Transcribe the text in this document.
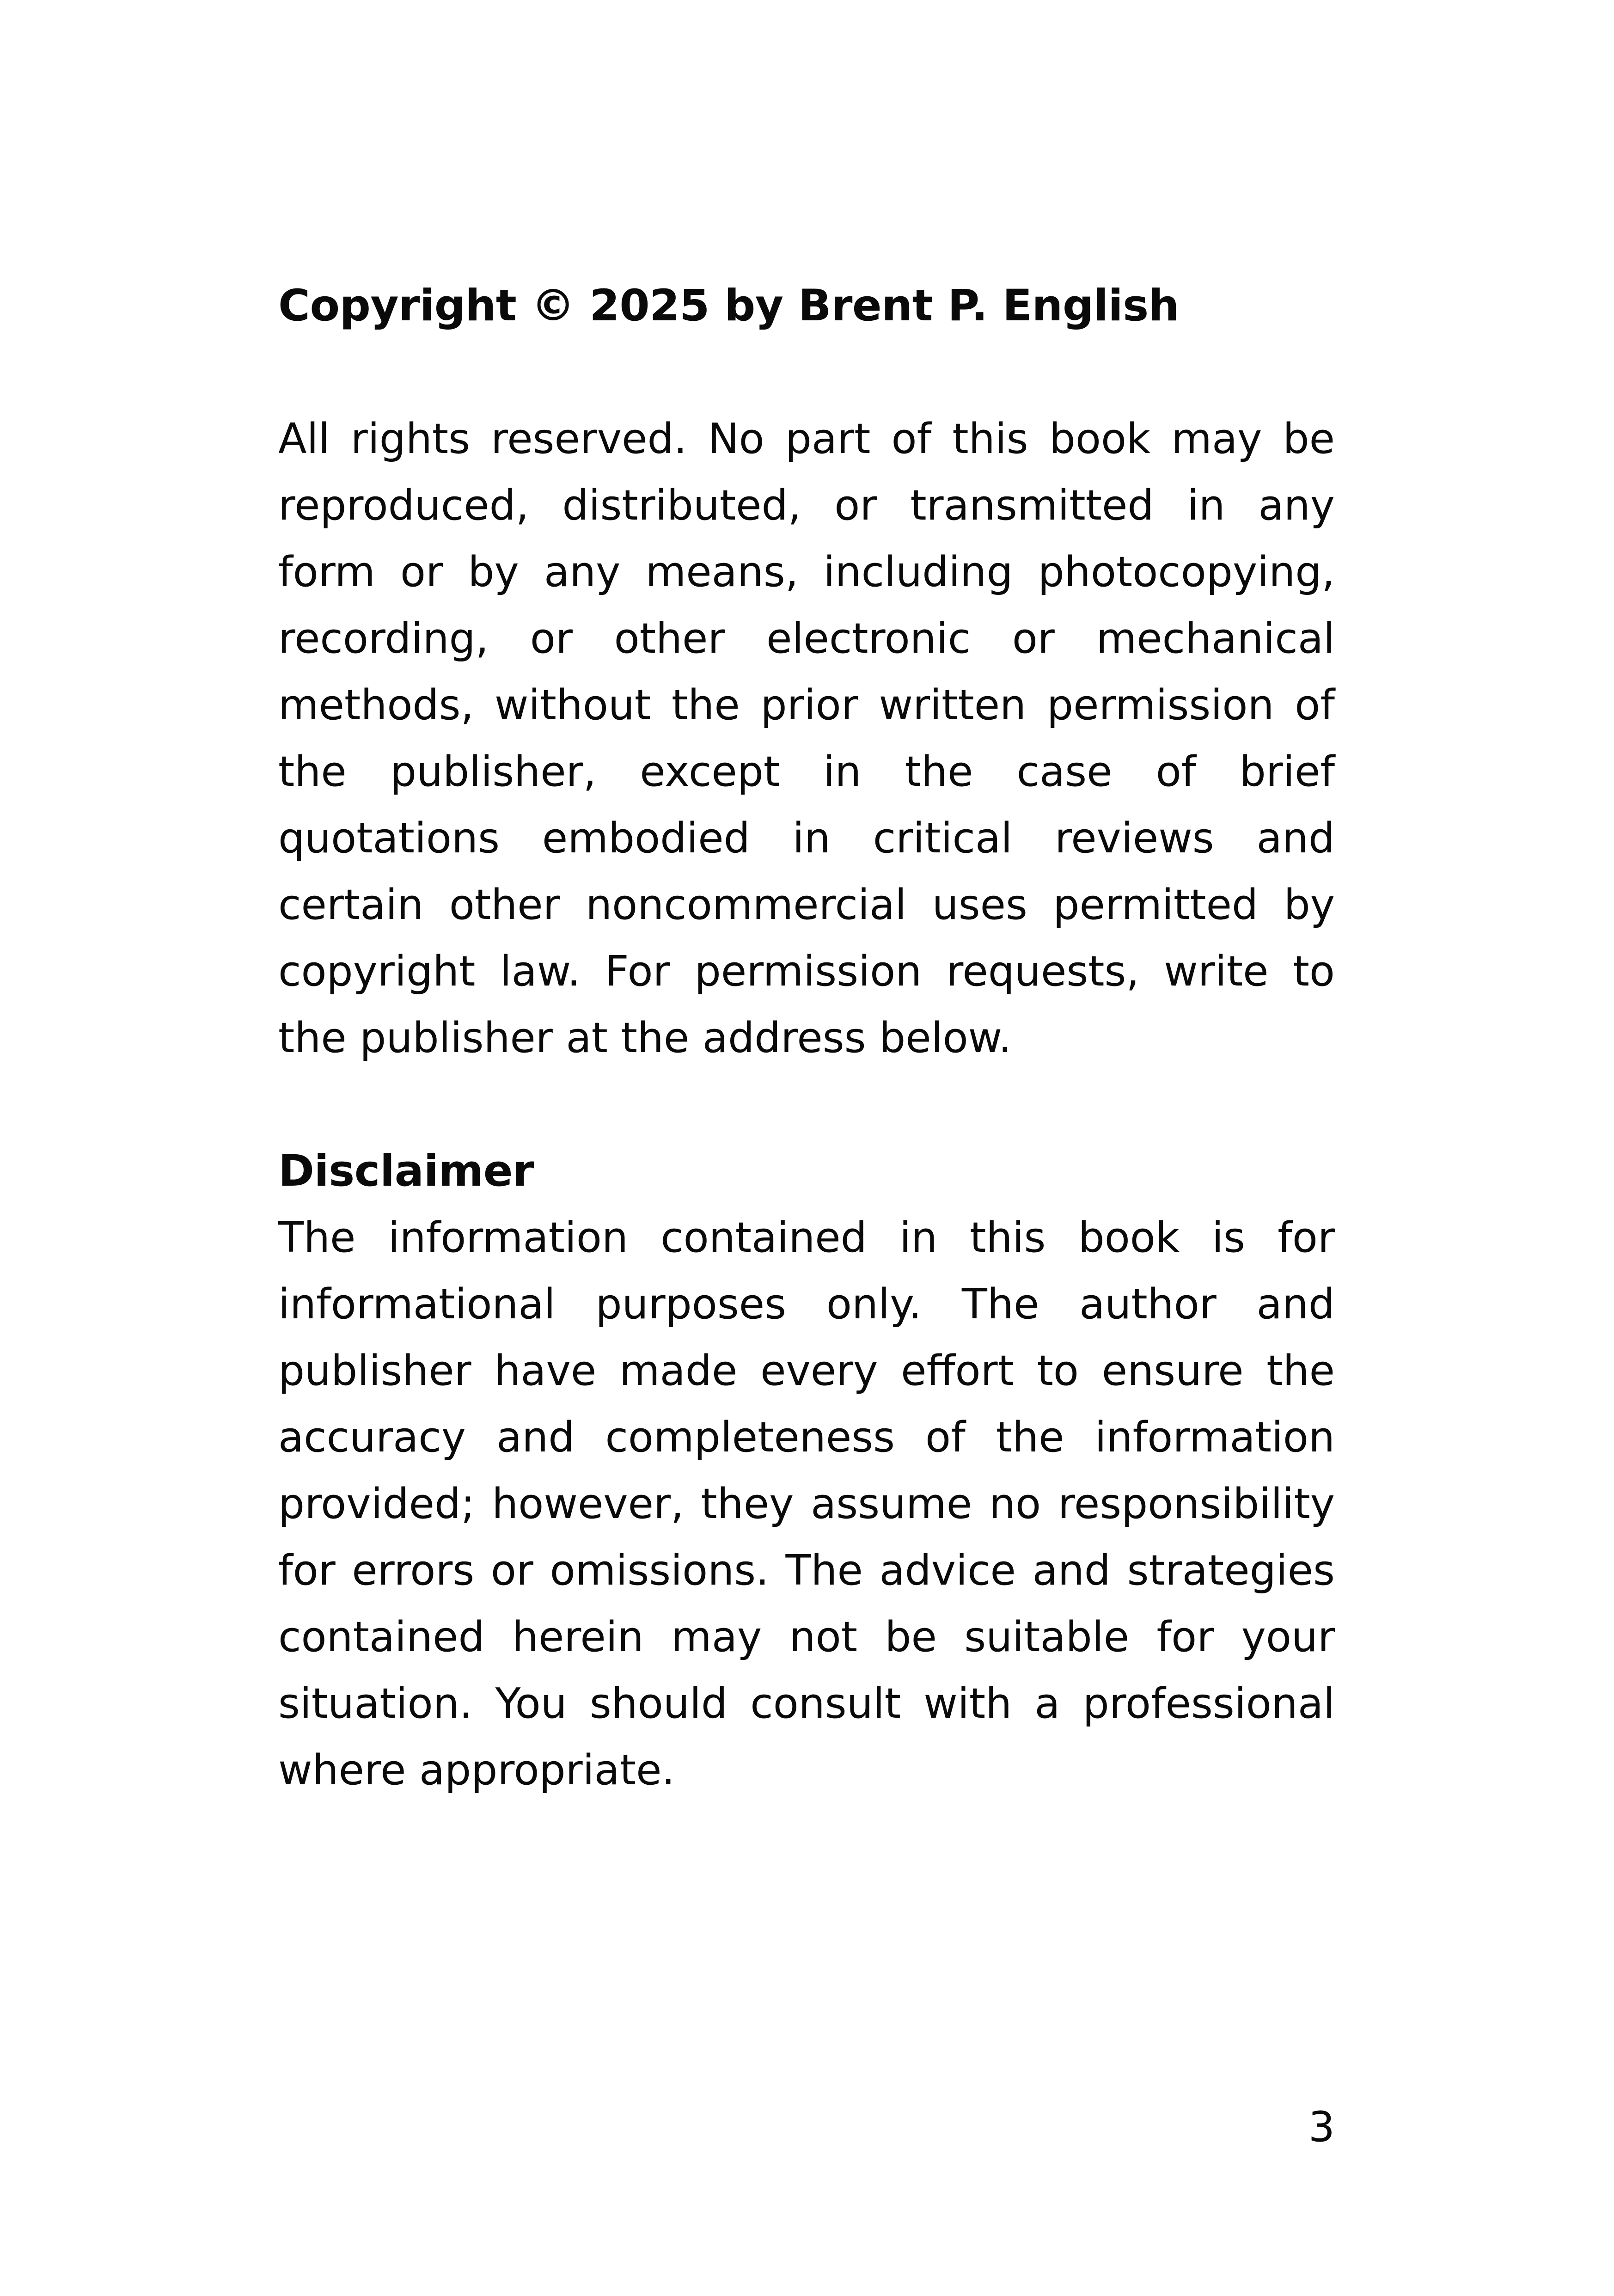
Copyright © 2025 by Brent P. English

All rights reserved. No part of this book may be reproduced, distributed, or transmitted in any form or by any means, including photocopying, recording, or other electronic or mechanical methods, without the prior written permission of the publisher, except in the case of brief quotations embodied in critical reviews and certain other noncommercial uses permitted by copyright law. For permission requests, write to the publisher at the address below.

Disclaimer

The information contained in this book is for informational purposes only. The author and publisher have made every effort to ensure the accuracy and completeness of the information provided; however, they assume no responsibility for errors or omissions. The advice and strategies contained herein may not be suitable for your situation. You should consult with a professional where appropriate.

3
